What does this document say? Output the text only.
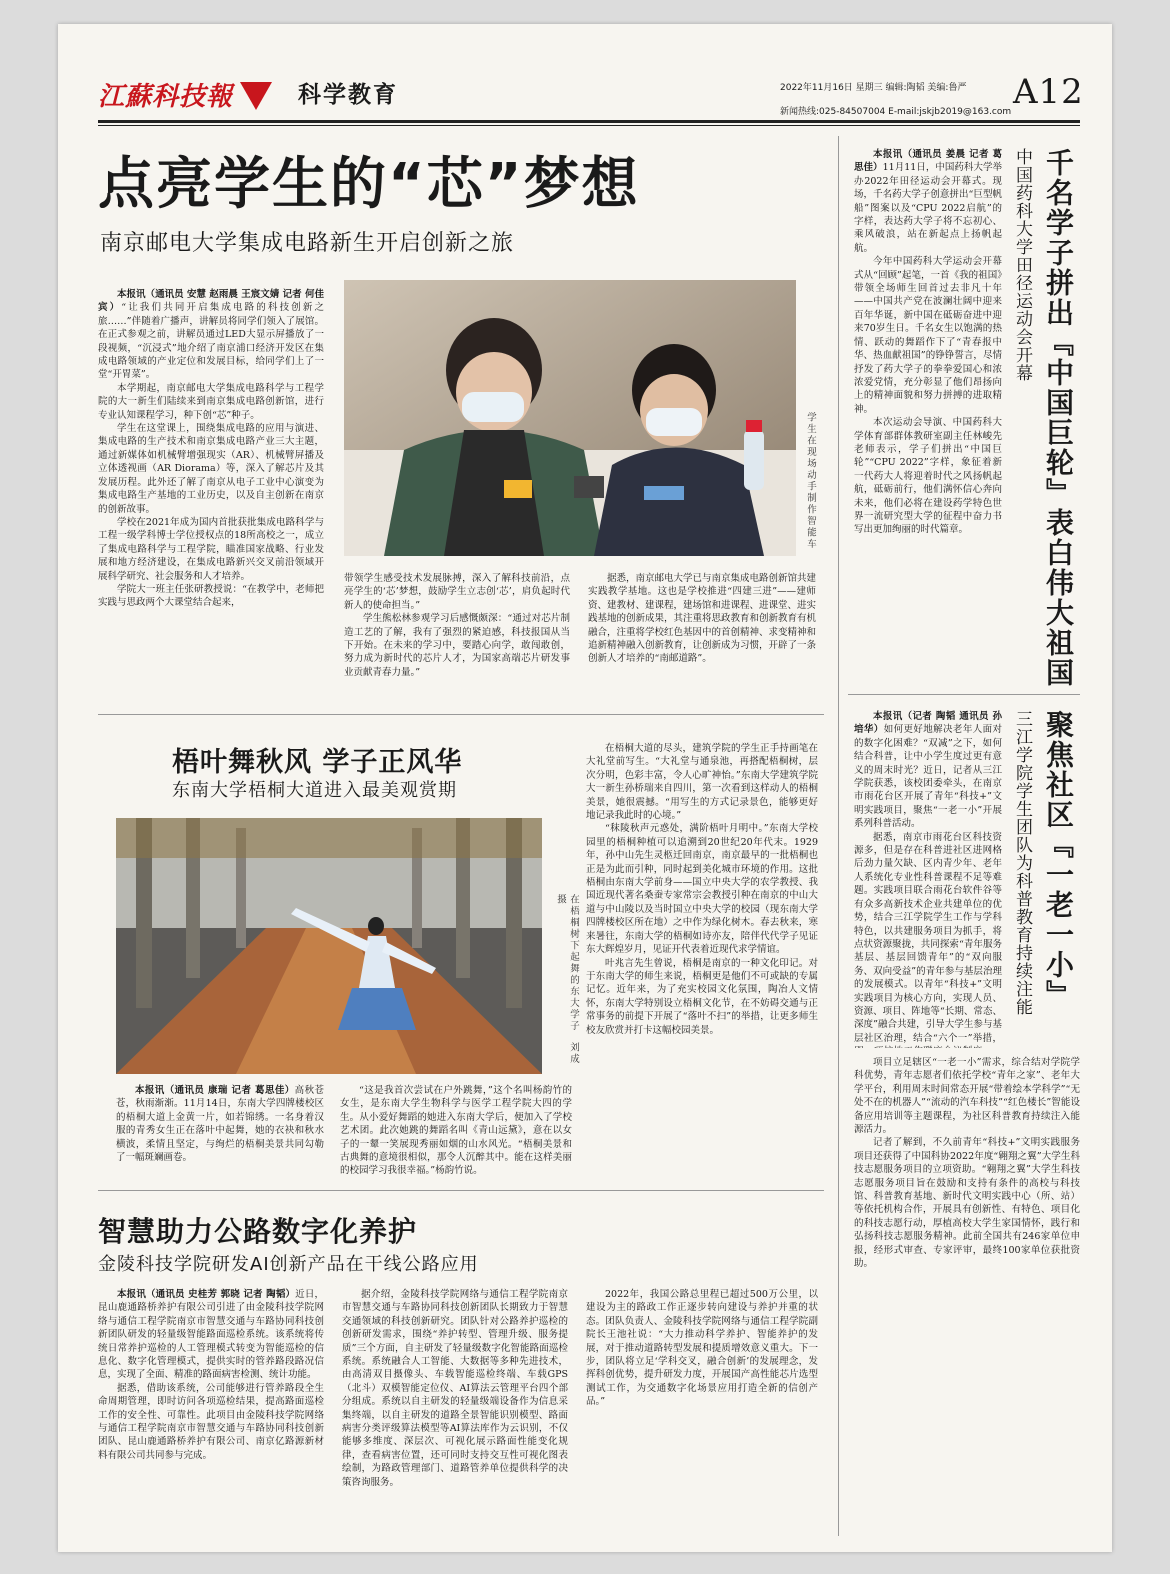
江蘇科技報	科学教育	2022年11月16日 星期三 编辑:陶韬 美编:鲁严
新闻热线:025-84507004 E-mail:jskjb2019@163.com A12
点亮学生的“芯”梦想
南京邮电大学集成电路新生开启创新之旅

本报讯（通讯员 安慧 赵雨晨 王宸文婧 记者 何佳宾）“让我们共同开启集成电路的科技创新之旅……”伴随着广播声，讲解员将同学们领入了展馆。在正式参观之前，讲解员通过LED大显示屏播放了一段视频，“沉浸式”地介绍了南京浦口经济开发区在集成电路领域的产业定位和发展目标，给同学们上了一堂“开胃菜”。

本学期起，南京邮电大学集成电路科学与工程学院的大一新生们陆续来到南京集成电路创新馆，进行专业认知课程学习，种下创“芯”种子。

学生在这堂课上，围绕集成电路的应用与演进、集成电路的生产技术和南京集成电路产业三大主题，通过新媒体如机械臂增强现实（AR）、机械臂屏播及立体透视画（AR Diorama）等，深入了解芯片及其发展历程。此外还了解了南京从电子工业中心演变为集成电路生产基地的工业历史，以及自主创新在南京的创新故事。

学校在2021年成为国内首批获批集成电路科学与工程一级学科博士学位授权点的18所高校之一，成立了集成电路科学与工程学院，瞄准国家战略、行业发展和地方经济建设，在集成电路新兴交叉前沿领域开展科学研究、社会服务和人才培养。

学院大一班主任张研教授说：“在教学中，老师把实践与思政两个大课堂结合起来，

学生在现场动手制作智能车

带领学生感受技术发展脉搏，深入了解科技前沿，点亮学生的‘芯’梦想，鼓励学生立志创‘芯’，肩负起时代新人的使命担当。”

学生熊松林参观学习后感慨颇深：“通过对芯片制造工艺的了解，我有了强烈的紧迫感，科技报国从当下开始。在未来的学习中，要踏心向学，敢闯敢创，努力成为新时代的芯片人才，为国家高端芯片研发事业贡献青春力量。”

据悉，南京邮电大学已与南京集成电路创新馆共建实践教学基地。这也是学校推进“四建三进”——建师资、建教材、建课程，建场馆和进课程、进课堂、进实践基地的创新成果，其注重将思政教育和创新教育有机融合，注重将学校红色基因中的首创精神、求变精神和追新精神融入创新教育，让创新成为习惯，开辟了一条创新人才培养的“南邮道路”。

梧叶舞秋风 学子正风华
东南大学梧桐大道进入最美观赏期
在梧桐树下起舞的东大学子  刘成 摄

本报讯（通讯员 康瑞 记者 葛思佳）高秋苍苍，秋雨渐渐。11月14日，东南大学四牌楼校区的梧桐大道上金黄一片，如若锦绣。一名身着汉服的青秀女生正在落叶中起舞，她的衣袂和秋水横波，柔情且坚定，与绚烂的梧桐美景共同勾勒了一幅斑斓画卷。

“这是我首次尝试在户外跳舞，”这个名叫杨韵竹的女生，是东南大学生物科学与医学工程学院大四的学生。从小爱好舞蹈的她进入东南大学后，便加入了学校艺术团。此次她跳的舞蹈名叫《青山远黛》，意在以女子的一颦一笑展现秀丽如烟的山水风光。“梧桐美景和古典舞的意境很相似，那令人沉醉其中。能在这样美丽的校园学习我很幸福。”杨韵竹说。

在梧桐大道的尽头，建筑学院的学生正手持画笔在大礼堂前写生。“大礼堂与通泉池，再搭配梧桐树，层次分明，色彩丰富，令人心旷神怡。”东南大学建筑学院大一新生孙桥瑞来自四川，第一次看到这样动人的梧桐美景，她很震撼。“用写生的方式记录景色，能够更好地记录我此时的心境。”

“秣陵秋声元惑处，满阶梧叶月明中。”东南大学校园里的梧桐种植可以追溯到20世纪20年代末。1929年，孙中山先生灵柩迁回南京，南京最早的一批梧桐也正是为此而引种，同时起到美化城市环境的作用。这批梧桐由东南大学前身——国立中央大学的农学教授、我国近现代著名桑蚕专家常宗会教授引种在南京的中山大道与中山陵以及当时国立中央大学的校园（现东南大学四牌楼校区所在地）之中作为绿化树木。春去秋来，寒来暑往，东南大学的梧桐如诗亦友，陪伴代代学子见证东大辉煌岁月，见证开代表着近现代求学情谊。

叶兆言先生曾说，梧桐是南京的一种文化印记。对于东南大学的师生来说，梧桐更是他们不可或缺的专属记忆。近年来，为了充实校园文化氛围，陶冶人文情怀，东南大学特别设立梧桐文化节，在不妨碍交通与正常事务的前提下开展了“落叶不扫”的举措，让更多师生校友欣赏并打卡这幅校园美景。

智慧助力公路数字化养护
金陵科技学院研发AI创新产品在干线公路应用

本报讯（通讯员 史桂芳 郭晓 记者 陶韬）近日，昆山鹿通路桥养护有限公司引进了由金陵科技学院网络与通信工程学院南京市智慧交通与车路协同科技创新团队研发的轻量级智能路面巡检系统。该系统将传统日常养护巡检的人工管理模式转变为智能巡检的信息化、数字化管理模式，提供实时的管养路段路况信息，实现了全面、精准的路面病害检测、统计功能。

据悉，借助该系统，公司能够进行管养路段全生命周期管理，即时访问各项巡检结果，提高路面巡检工作的安全性、可靠性。此项目由金陵科技学院网络与通信工程学院南京市智慧交通与车路协同科技创新团队、昆山鹿通路桥养护有限公司、南京亿路源新材料有限公司共同参与完成。

据介绍，金陵科技学院网络与通信工程学院南京市智慧交通与车路协同科技创新团队长期致力于智慧交通领域的科技创新研究。团队针对公路养护巡检的创新研发需求，围绕“养护转型、管理升级、服务提质”三个方面，自主研发了轻量级数字化智能路面巡检系统。系统融合人工智能、大数据等多种先进技术，由高清双目摄像头、车载智能巡检终端、车载GPS（北斗）双模智能定位仪、AI算法云管理平台四个部分组成。系统以自主研发的轻量级端设备作为信息采集终端，以自主研发的道路全景智能识别模型、路面病害分类评级算法模型等AI算法库作为云识别，不仅能够多维度、深层次、可视化展示路面性能变化规律，查看病害位置，还可同时支持交互性可视化图表绘制，为路政管理部门、道路管养单位提供科学的决策咨询服务。

2022年，我国公路总里程已超过500万公里，以建设为主的路政工作正逐步转向建设与养护并重的状态。团队负责人、金陵科技学院网络与通信工程学院副院长王池社说：“大力推动科学养护、智能养护的发展，对于推动道路转型发展和提质增效意义重大。下一步，团队将立足‘学科交叉，融合创新’的发展理念，发挥科创优势，提升研发力度，开展国产高性能芯片选型测试工作，为交通数字化场景应用打造全新的信创产品。”

千名学子拼出『中国巨轮』表白伟大祖国
中国药科大学田径运动会开幕

本报讯（通讯员 姜晨 记者 葛思佳）11月11日，中国药科大学举办2022年田径运动会开幕式。现场，千名药大学子创意拼出“巨型帆船”图案以及“CPU 2022启航”的字样，表达药大学子将不忘初心、乘风破浪，站在新起点上扬帆起航。

今年中国药科大学运动会开幕式从“回顾”起笔，一首《我的祖国》带领全场师生回首过去非凡十年——中国共产党在波澜壮阔中迎来百年华诞，新中国在砥砺奋进中迎来70岁生日。千名女生以饱满的热情、跃动的舞蹈作下了“青春报中华、热血献祖国”的铮铮誓言，尽情抒发了药大学子的拳拳爱国心和浓浓爱党情，充分彰显了他们昂扬向上的精神面貌和努力拼搏的进取精神。

本次运动会导演、中国药科大学体育部群体教研室副主任林峻先老师表示，学子们拼出“中国巨轮”“CPU 2022”字样，象征着新一代药大人将迎着时代之风扬帆起航，砥砺前行，他们满怀信心奔向未来，他们必将在建设药学特色世界一流研究型大学的征程中奋力书写出更加绚丽的时代篇章。

聚焦社区『一老一小』
三江学院学生团队为科普教育持续注能

本报讯（记者 陶韬 通讯员 孙培华）如何更好地解决老年人面对的数字化困难？“双减”之下，如何结合科普，让中小学生度过更有意义的周末时光？近日，记者从三江学院获悉，该校团委牵头，在南京市雨花台区开展了青年“科技+”文明实践项目，聚焦“一老一小”开展系列科普活动。

据悉，南京市雨花台区科技资源多，但是存在科普进社区进网格后劲力量欠缺、区内青少年、老年人系统化专业性科普课程不足等难题。实践项目联合雨花台软件谷等有众多高新技术企业共建单位的优势，结合三江学院学生工作与学科特色，以共建服务项目为抓手，将点状资源聚拢，共同探索“青年服务基层、基层回馈青年”的“双向服务、双向受益”的青年参与基层治理的发展模式。以青年“科技+”文明实践项目为核心方向，实现人员、资源、项目、阵地等“长期、常态、深度”融合共建，引导大学生参与基层社区治理，结合“六个一”举措，

项目立足辖区“一老一小”需求，综合结对学院学科优势，青年志愿者们依托学校“青年之家”、老年大学平台，利用周末时间常态开展“带着绘本学科学”“无处不在的机器人”“流动的汽车科技”“红色楼长”智能设备应用培训等主题课程，为社区科普教育持续注入能源活力。

记者了解到，不久前青年“科技+”文明实践服务项目还获得了中国科协2022年度“翱翔之翼”大学生科技志愿服务项目的立项资助。“翱翔之翼”大学生科技志愿服务项目旨在鼓励和支持有条件的高校与科技馆、科普教育基地、新时代文明实践中心（所、站）等依托机构合作，开展具有创新性、有特色、项目化的科技志愿行动，厚植高校大学生家国情怀，践行和弘扬科技志愿服务精神。此前全国共有246家单位申报，经形式审查、专家评审，最终100家单位获批资助。
